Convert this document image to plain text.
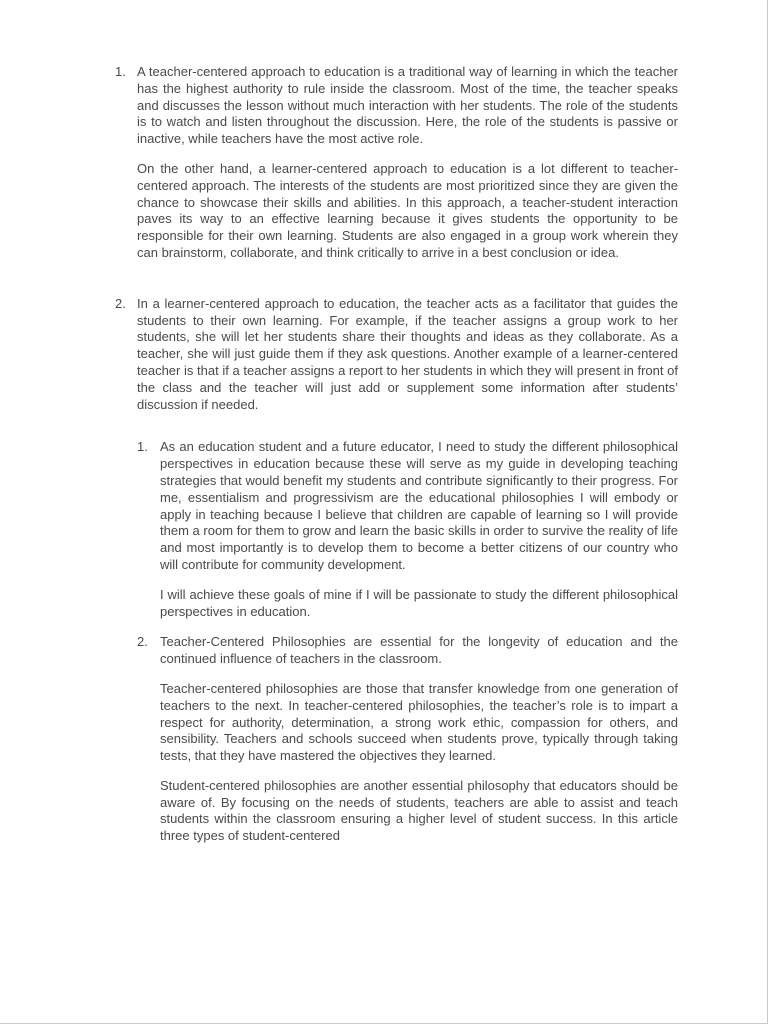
1. A teacher-centered approach to education is a traditional way of learning in which the teacher has the highest authority to rule inside the classroom. Most of the time, the teacher speaks and discusses the lesson without much interaction with her students. The role of the students is to watch and listen throughout the discussion. Here, the role of the students is passive or inactive, while teachers have the most active role.

On the other hand, a learner-centered approach to education is a lot different to teacher-centered approach. The interests of the students are most prioritized since they are given the chance to showcase their skills and abilities. In this approach, a teacher-student interaction paves its way to an effective learning because it gives students the opportunity to be responsible for their own learning. Students are also engaged in a group work wherein they can brainstorm, collaborate, and think critically to arrive in a best conclusion or idea.

2. In a learner-centered approach to education, the teacher acts as a facilitator that guides the students to their own learning. For example, if the teacher assigns a group work to her students, she will let her students share their thoughts and ideas as they collaborate. As a teacher, she will just guide them if they ask questions. Another example of a learner-centered teacher is that if a teacher assigns a report to her students in which they will present in front of the class and the teacher will just add or supplement some information after students’ discussion if needed.

1. As an education student and a future educator, I need to study the different philosophical perspectives in education because these will serve as my guide in developing teaching strategies that would benefit my students and contribute significantly to their progress. For me, essentialism and progressivism are the educational philosophies I will embody or apply in teaching because I believe that children are capable of learning so I will provide them a room for them to grow and learn the basic skills in order to survive the reality of life and most importantly is to develop them to become a better citizens of our country who will contribute for community development.

I will achieve these goals of mine if I will be passionate to study the different philosophical perspectives in education.

2. Teacher-Centered Philosophies are essential for the longevity of education and the continued influence of teachers in the classroom.

Teacher-centered philosophies are those that transfer knowledge from one generation of teachers to the next. In teacher-centered philosophies, the teacher’s role is to impart a respect for authority, determination, a strong work ethic, compassion for others, and sensibility. Teachers and schools succeed when students prove, typically through taking tests, that they have mastered the objectives they learned.

Student-centered philosophies are another essential philosophy that educators should be aware of. By focusing on the needs of students, teachers are able to assist and teach students within the classroom ensuring a higher level of student success. In this article three types of student-centered
